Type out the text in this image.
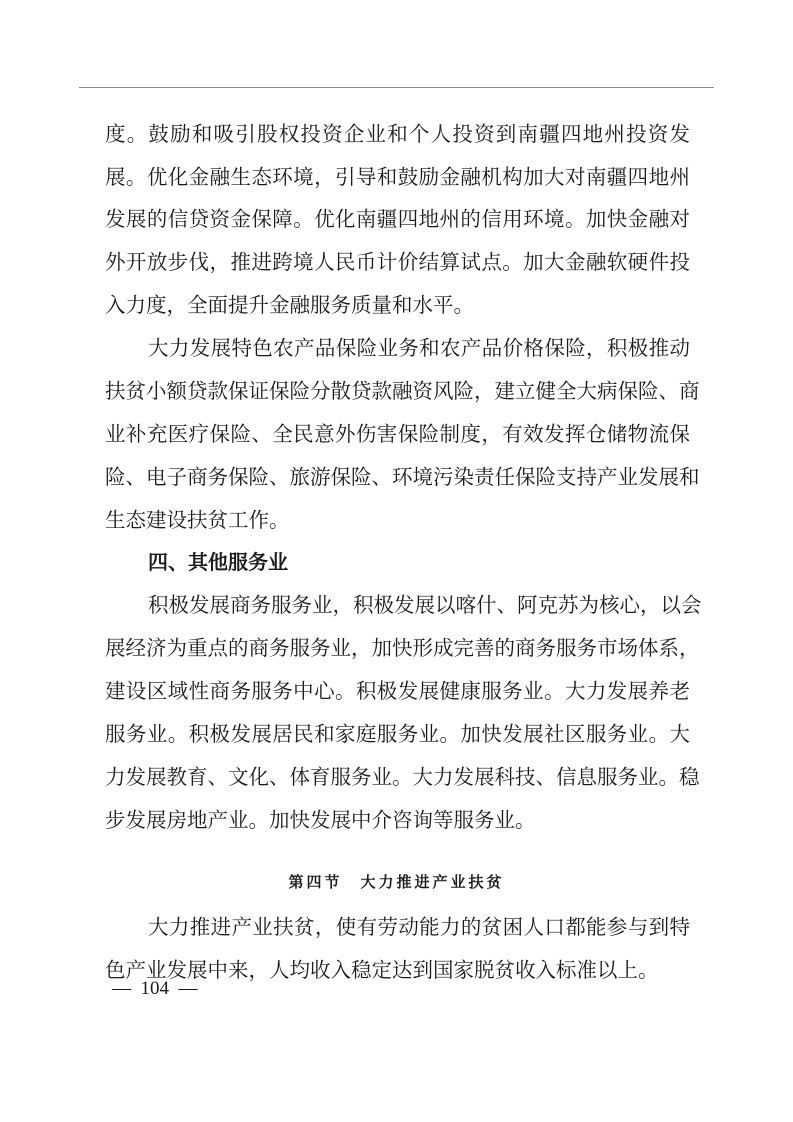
度。鼓励和吸引股权投资企业和个人投资到南疆四地州投资发
展。优化金融生态环境，引导和鼓励金融机构加大对南疆四地州
发展的信贷资金保障。优化南疆四地州的信用环境。加快金融对
外开放步伐，推进跨境人民币计价结算试点。加大金融软硬件投
入力度，全面提升金融服务质量和水平。
大力发展特色农产品保险业务和农产品价格保险，积极推动
扶贫小额贷款保证保险分散贷款融资风险，建立健全大病保险、商
业补充医疗保险、全民意外伤害保险制度，有效发挥仓储物流保
险、电子商务保险、旅游保险、环境污染责任保险支持产业发展和
生态建设扶贫工作。
四、其他服务业
积极发展商务服务业，积极发展以喀什、阿克苏为核心，以会
展经济为重点的商务服务业，加快形成完善的商务服务市场体系，
建设区域性商务服务中心。积极发展健康服务业。大力发展养老
服务业。积极发展居民和家庭服务业。加快发展社区服务业。大
力发展教育、文化、体育服务业。大力发展科技、信息服务业。稳
步发展房地产业。加快发展中介咨询等服务业。
第四节　大力推进产业扶贫
大力推进产业扶贫，使有劳动能力的贫困人口都能参与到特
色产业发展中来，人均收入稳定达到国家脱贫收入标准以上。
—  104  —
